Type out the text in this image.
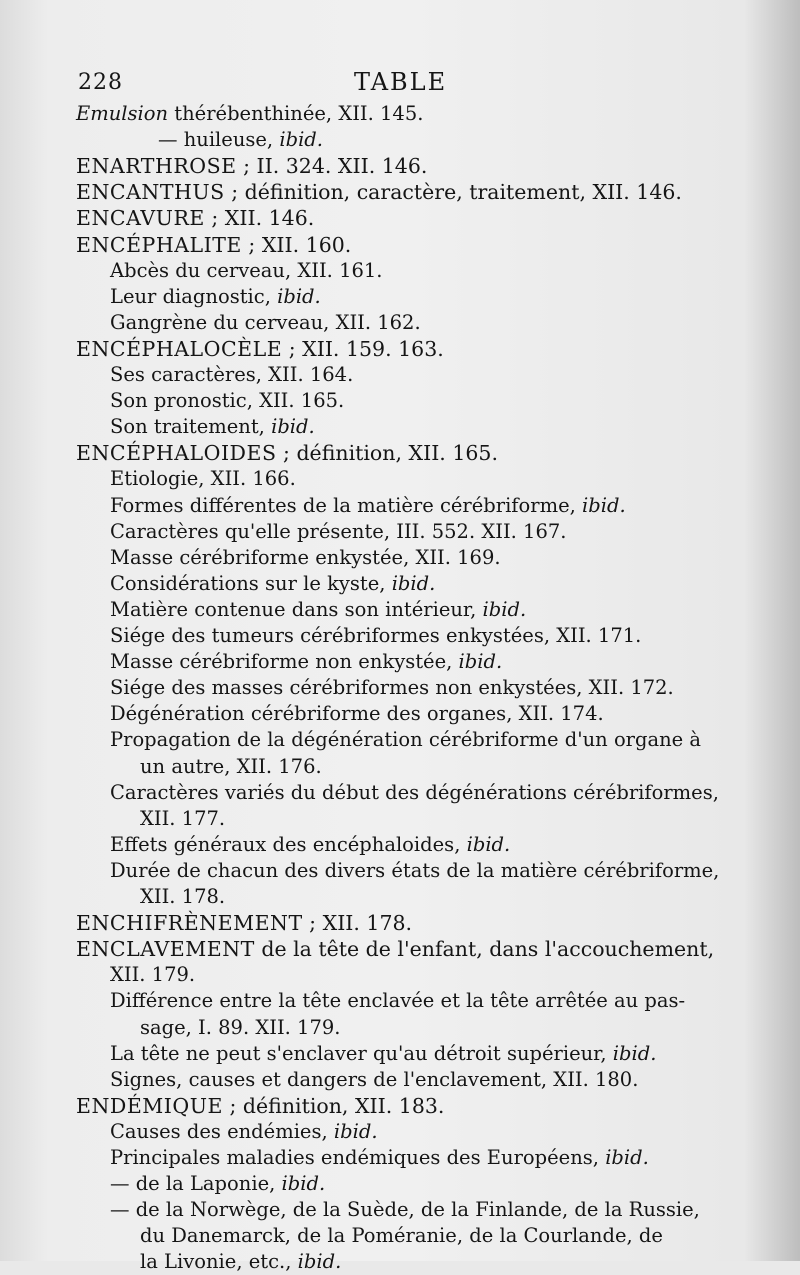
228	TABLE
Emulsion thérébenthinée, XII. 145.
— huileuse, ibid.
ENARTHROSE ; II. 324. XII. 146.
ENCANTHUS ; définition, caractère, traitement, XII. 146.
ENCAVURE ; XII. 146.
ENCÉPHALITE ; XII. 160.
Abcès du cerveau, XII. 161.
Leur diagnostic, ibid.
Gangrène du cerveau, XII. 162.
ENCÉPHALOCÈLE ; XII. 159. 163.
Ses caractères, XII. 164.
Son pronostic, XII. 165.
Son traitement, ibid.
ENCÉPHALOIDES ; définition, XII. 165.
Etiologie, XII. 166.
Formes différentes de la matière cérébriforme, ibid.
Caractères qu'elle présente, III. 552. XII. 167.
Masse cérébriforme enkystée, XII. 169.
Considérations sur le kyste, ibid.
Matière contenue dans son intérieur, ibid.
Siége des tumeurs cérébriformes enkystées, XII. 171.
Masse cérébriforme non enkystée, ibid.
Siége des masses cérébriformes non enkystées, XII. 172.
Dégénération cérébriforme des organes, XII. 174.
Propagation de la dégénération cérébriforme d'un organe à
un autre, XII. 176.
Caractères variés du début des dégénérations cérébriformes,
XII. 177.
Effets généraux des encéphaloides, ibid.
Durée de chacun des divers états de la matière cérébriforme,
XII. 178.
ENCHIFRÈNEMENT ; XII. 178.
ENCLAVEMENT de la tête de l'enfant, dans l'accouchement,
XII. 179.
Différence entre la tête enclavée et la tête arrêtée au pas-
sage, I. 89. XII. 179.
La tête ne peut s'enclaver qu'au détroit supérieur, ibid.
Signes, causes et dangers de l'enclavement, XII. 180.
ENDÉMIQUE ; définition, XII. 183.
Causes des endémies, ibid.
Principales maladies endémiques des Européens, ibid.
— de la Laponie, ibid.
— de la Norwège, de la Suède, de la Finlande, de la Russie,
du Danemarck, de la Poméranie, de la Courlande, de
la Livonie, etc., ibid.
